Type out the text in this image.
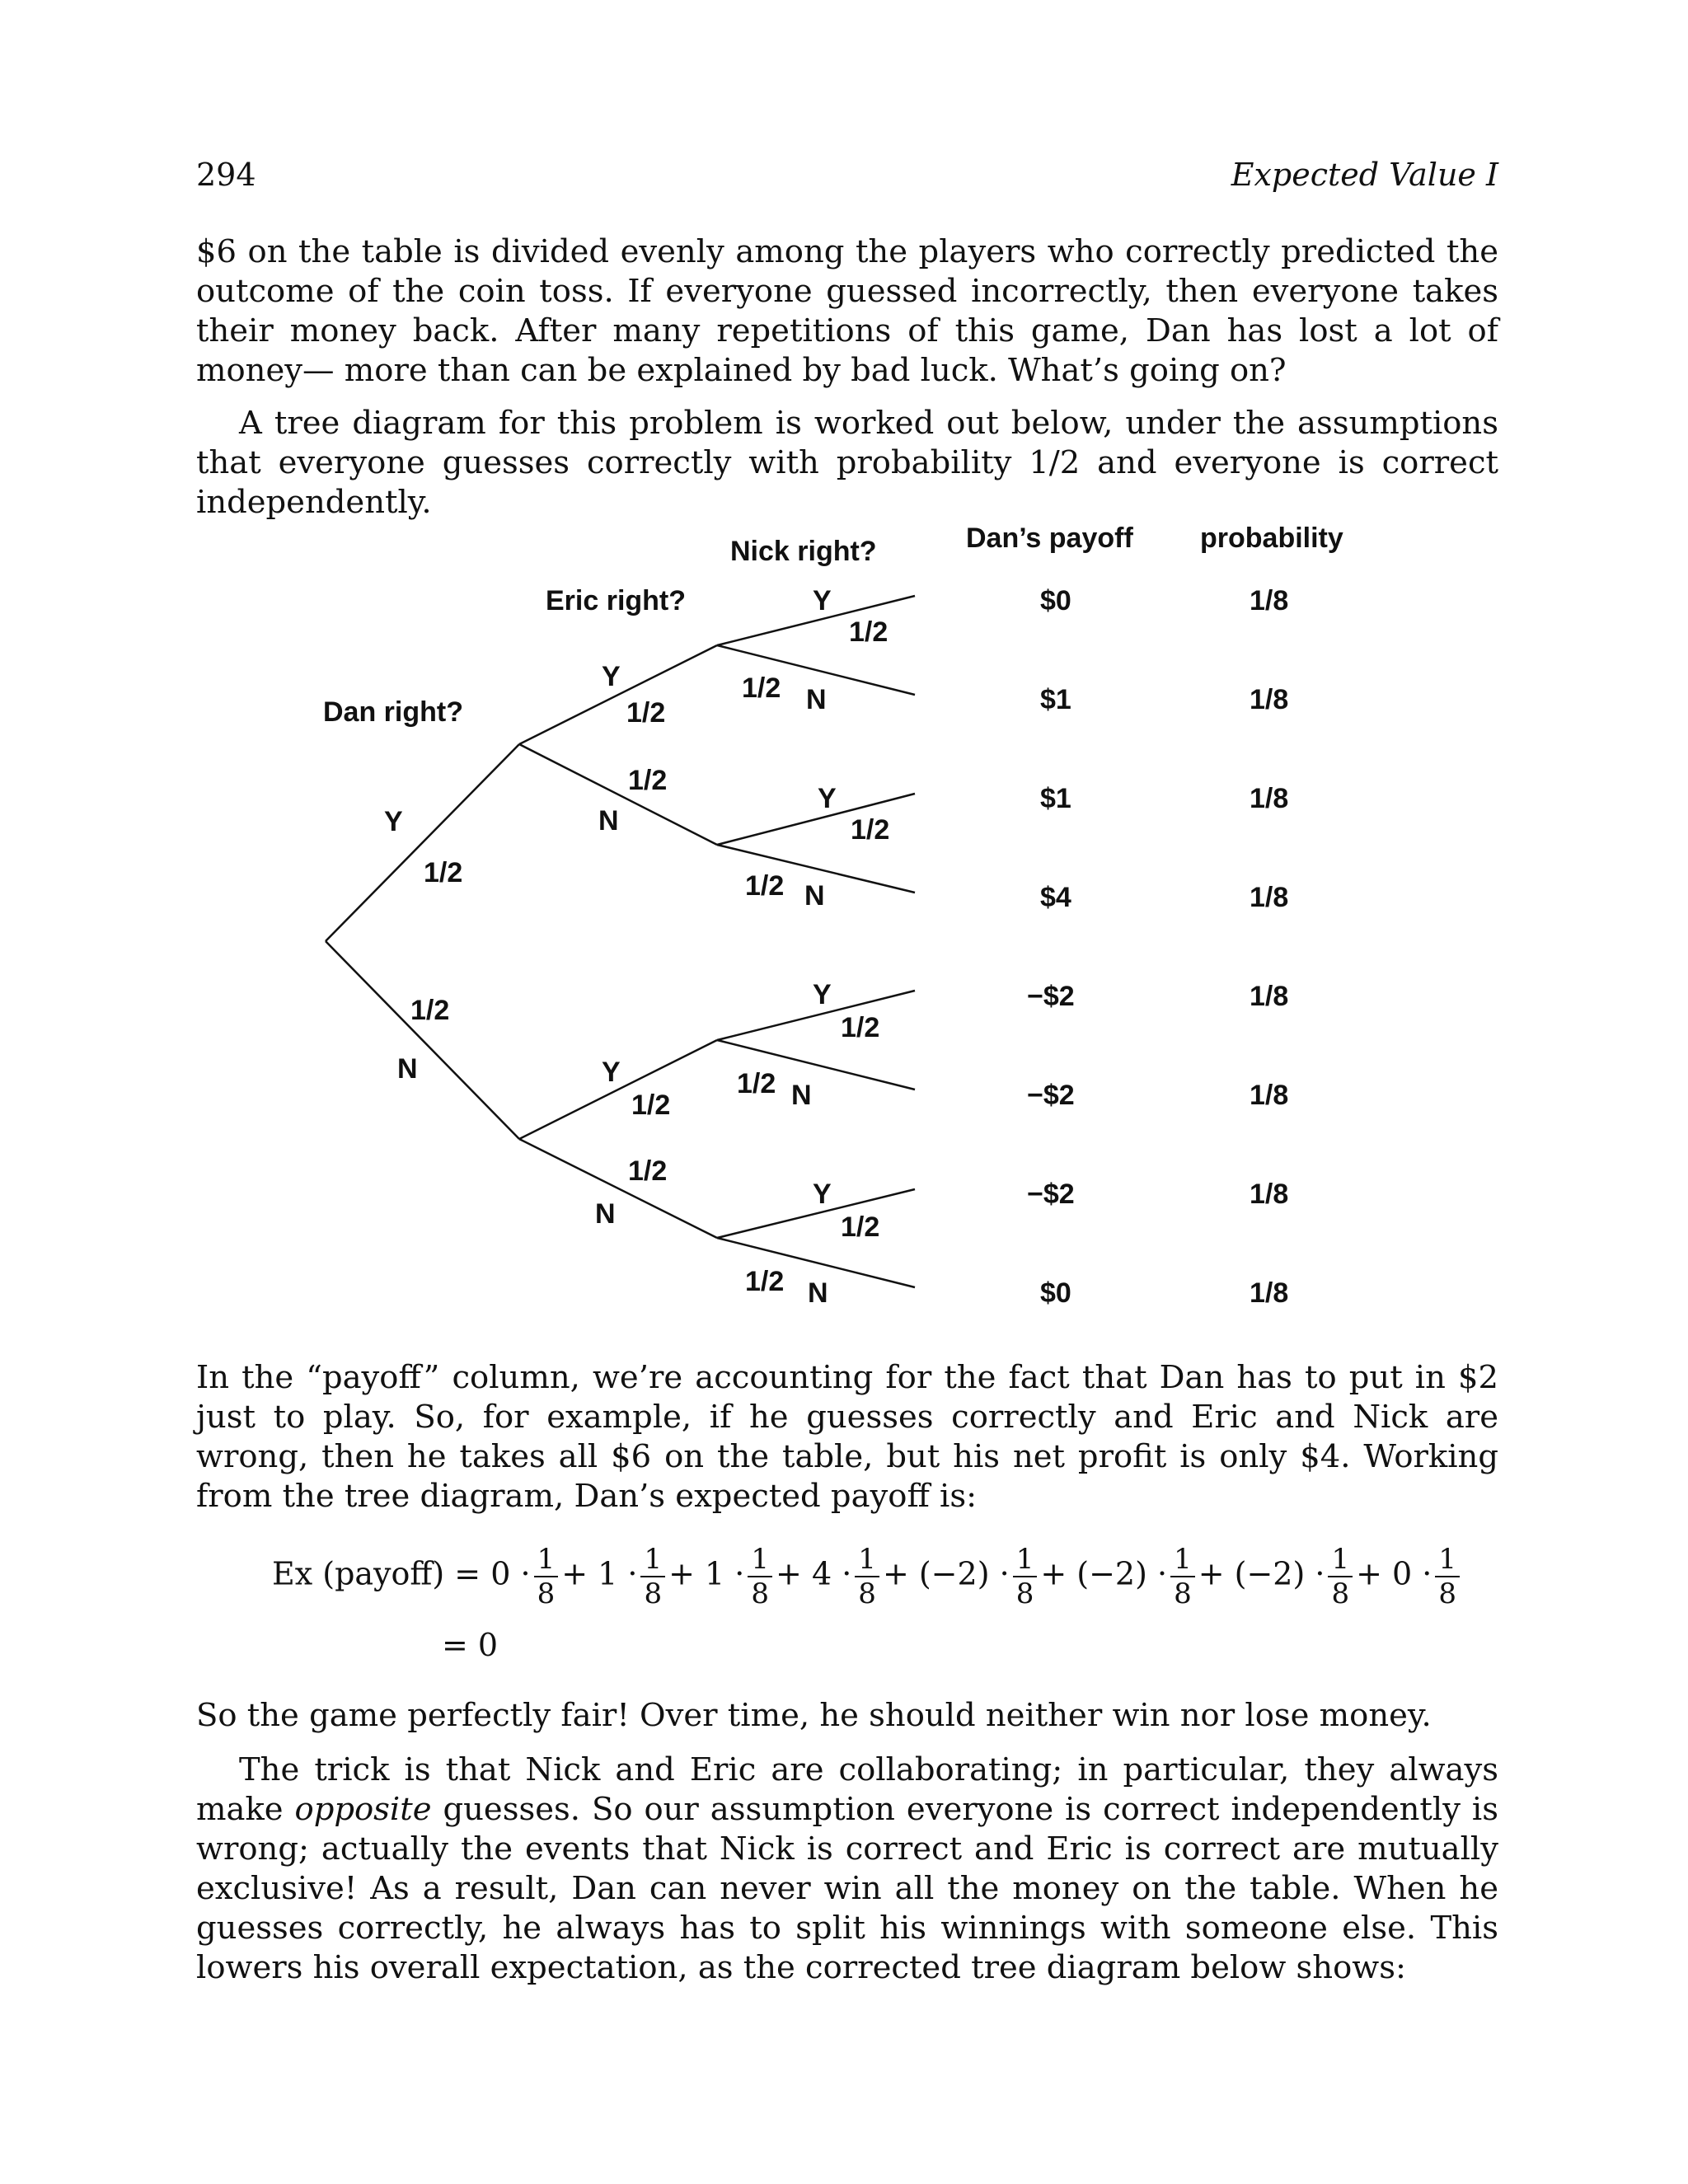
294	Expected Value I
$6 on the table is divided evenly among the players who correctly predicted the outcome of the coin toss. If everyone guessed incorrectly, then everyone takes their money back. After many repetitions of this game, Dan has lost a lot of money— more than can be explained by bad luck. What’s going on?
A tree diagram for this problem is worked out below, under the assumptions that everyone guesses correctly with probability 1/2 and everyone is correct independently.
Dan right?
Eric right?
Nick right?	Dan’s payoff probability
Y
1/2
1/2
N
Y
1/2
1/2
N
Y
1/2
1/2
N
Y
1/2
1/2 N
Y
1/2
1/2 N
Y
1/2
1/2 N
Y
1/2
1/2 N
$0
$1
$1
$4
−$2
−$2
−$2
$0
1/8
1/8
1/8
1/8
1/8
1/8
1/8
1/8
In the “payoff” column, we’re accounting for the fact that Dan has to put in $2 just to play. So, for example, if he guesses correctly and Eric and Nick are wrong, then he takes all $6 on the table, but his net profit is only $4. Working from the tree diagram, Dan’s expected payoff is:
Ex (payoff) = $0 \cdot \frac{1}{8} + 1 \cdot \frac{1}{8} + 1 \cdot \frac{1}{8} + 4 \cdot \frac{1}{8} + (-2) \cdot \frac{1}{8} + (-2) \cdot \frac{1}{8} + (-2) \cdot \frac{1}{8} + 0 \cdot \frac{1}{8}$
= 0
So the game perfectly fair! Over time, he should neither win nor lose money.
The trick is that Nick and Eric are collaborating; in particular, they always make opposite guesses. So our assumption everyone is correct independently is wrong; actually the events that Nick is correct and Eric is correct are mutually exclusive! As a result, Dan can never win all the money on the table. When he guesses correctly, he always has to split his winnings with someone else. This lowers his overall expectation, as the corrected tree diagram below shows:
